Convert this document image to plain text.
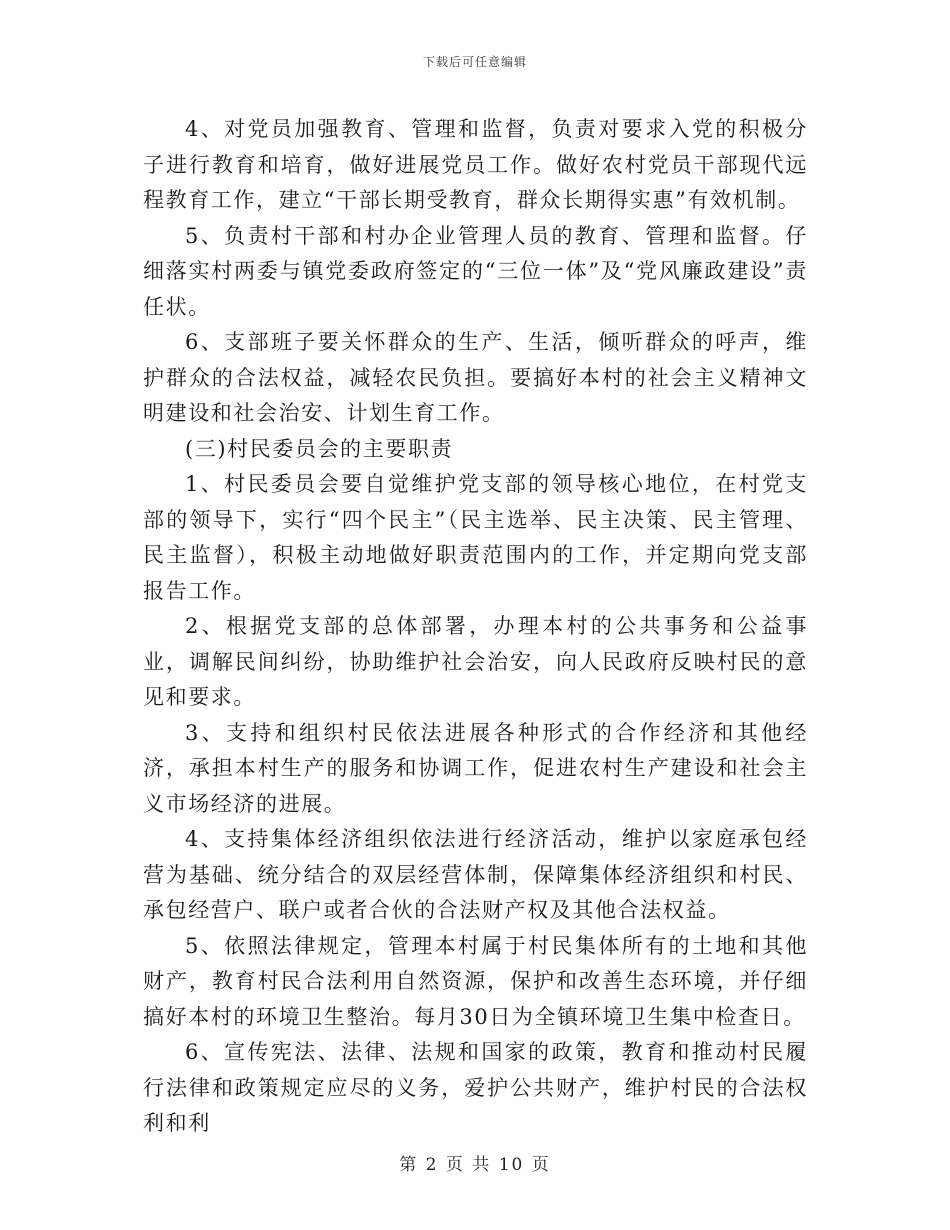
下载后可任意编辑

4、对党员加强教育、管理和监督，负责对要求入党的积极分子进行教育和培育，做好进展党员工作。做好农村党员干部现代远程教育工作，建立“干部长期受教育，群众长期得实惠”有效机制。

5、负责村干部和村办企业管理人员的教育、管理和监督。仔细落实村两委与镇党委政府签定的“三位一体”及“党风廉政建设”责任状。

6、支部班子要关怀群众的生产、生活，倾听群众的呼声，维护群众的合法权益，减轻农民负担。要搞好本村的社会主义精神文明建设和社会治安、计划生育工作。

(三)村民委员会的主要职责

1、村民委员会要自觉维护党支部的领导核心地位，在村党支部的领导下，实行“四个民主”（民主选举、民主决策、民主管理、民主监督），积极主动地做好职责范围内的工作，并定期向党支部报告工作。

2、根据党支部的总体部署，办理本村的公共事务和公益事业，调解民间纠纷，协助维护社会治安，向人民政府反映村民的意见和要求。

3、支持和组织村民依法进展各种形式的合作经济和其他经济，承担本村生产的服务和协调工作，促进农村生产建设和社会主义市场经济的进展。

4、支持集体经济组织依法进行经济活动，维护以家庭承包经营为基础、统分结合的双层经营体制，保障集体经济组织和村民、承包经营户、联户或者合伙的合法财产权及其他合法权益。

5、依照法律规定，管理本村属于村民集体所有的土地和其他财产，教育村民合法利用自然资源，保护和改善生态环境，并仔细搞好本村的环境卫生整治。每月30日为全镇环境卫生集中检查日。

6、宣传宪法、法律、法规和国家的政策，教育和推动村民履行法律和政策规定应尽的义务，爱护公共财产，维护村民的合法权利和利

第 2 页 共 10 页
